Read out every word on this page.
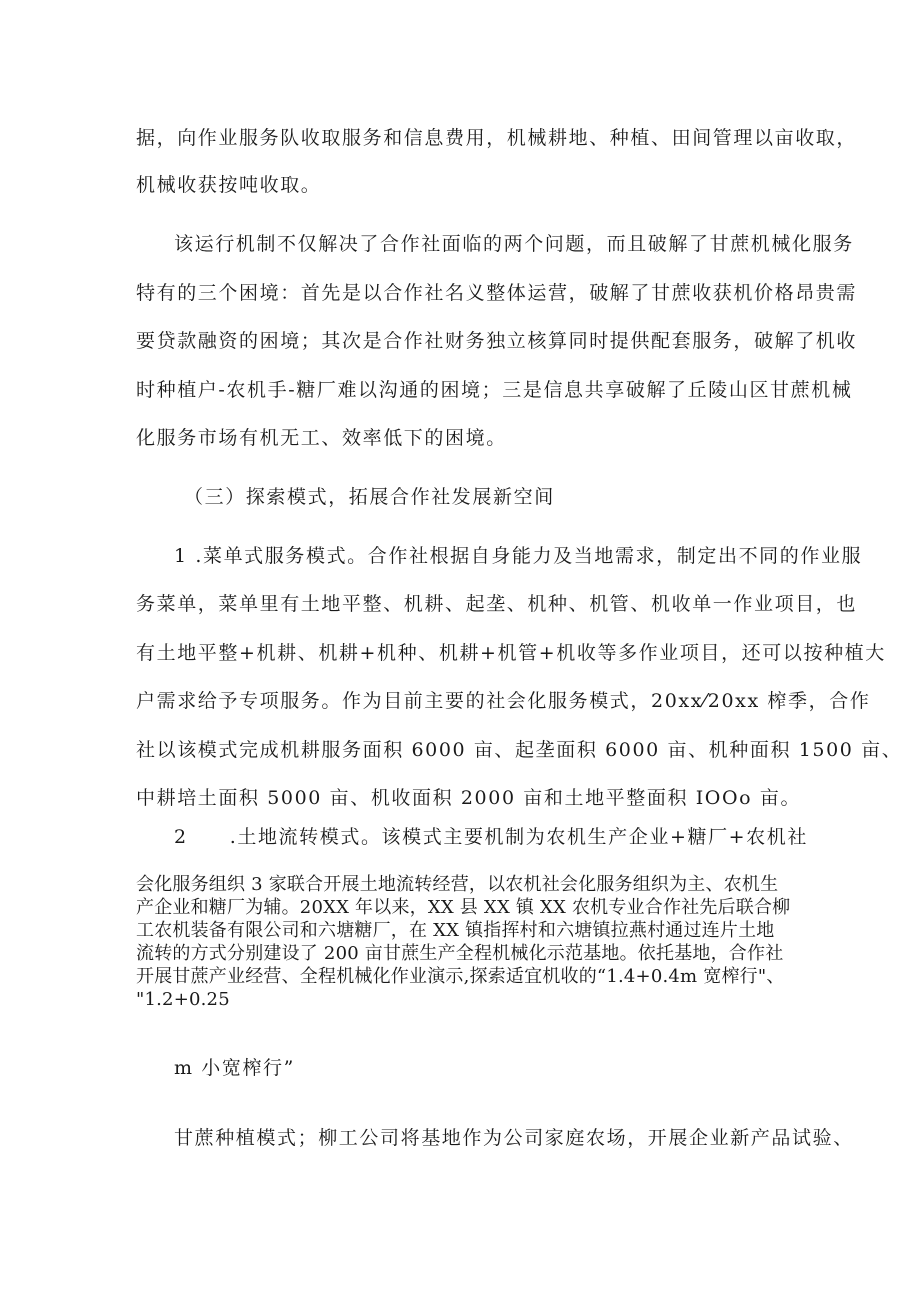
据，向作业服务队收取服务和信息费用，机械耕地、种植、田间管理以亩收取，
机械收获按吨收取。
该运行机制不仅解决了合作社面临的两个问题，而且破解了甘蔗机械化服务
特有的三个困境：首先是以合作社名义整体运营，破解了甘蔗收获机价格昂贵需
要贷款融资的困境；其次是合作社财务独立核算同时提供配套服务，破解了机收
时种植户-农机手-糖厂难以沟通的困境；三是信息共享破解了丘陵山区甘蔗机械
化服务市场有机无工、效率低下的困境。
（三）探索模式，拓展合作社发展新空间
1 .菜单式服务模式。合作社根据自身能力及当地需求，制定出不同的作业服
务菜单，菜单里有土地平整、机耕、起垄、机种、机管、机收单一作业项目，也
有土地平整+机耕、机耕+机种、机耕+机管+机收等多作业项目，还可以按种植大
户需求给予专项服务。作为目前主要的社会化服务模式，20xx⁄20xx 榨季，合作
社以该模式完成机耕服务面积 6000 亩、起垄面积 6000 亩、机种面积 1500 亩、
中耕培土面积 5000 亩、机收面积 2000 亩和土地平整面积 IOOo 亩。
2 .土地流转模式。该模式主要机制为农机生产企业+糖厂+农机社
会化服务组织 3 家联合开展土地流转经营，以农机社会化服务组织为主、农机生
产企业和糖厂为辅。20XX 年以来，XX 县 XX 镇 XX 农机专业合作社先后联合柳
工农机装备有限公司和六塘糖厂，在 XX 镇指挥村和六塘镇拉燕村通过连片土地
流转的方式分别建设了 200 亩甘蔗生产全程机械化示范基地。依托基地，合作社
开展甘蔗产业经营、全程机械化作业演示,探索适宜机收的“1.4+0.4m 宽榨行"、
"1.2+0.25
m 小宽榨行”
甘蔗种植模式；柳工公司将基地作为公司家庭农场，开展企业新产品试验、
